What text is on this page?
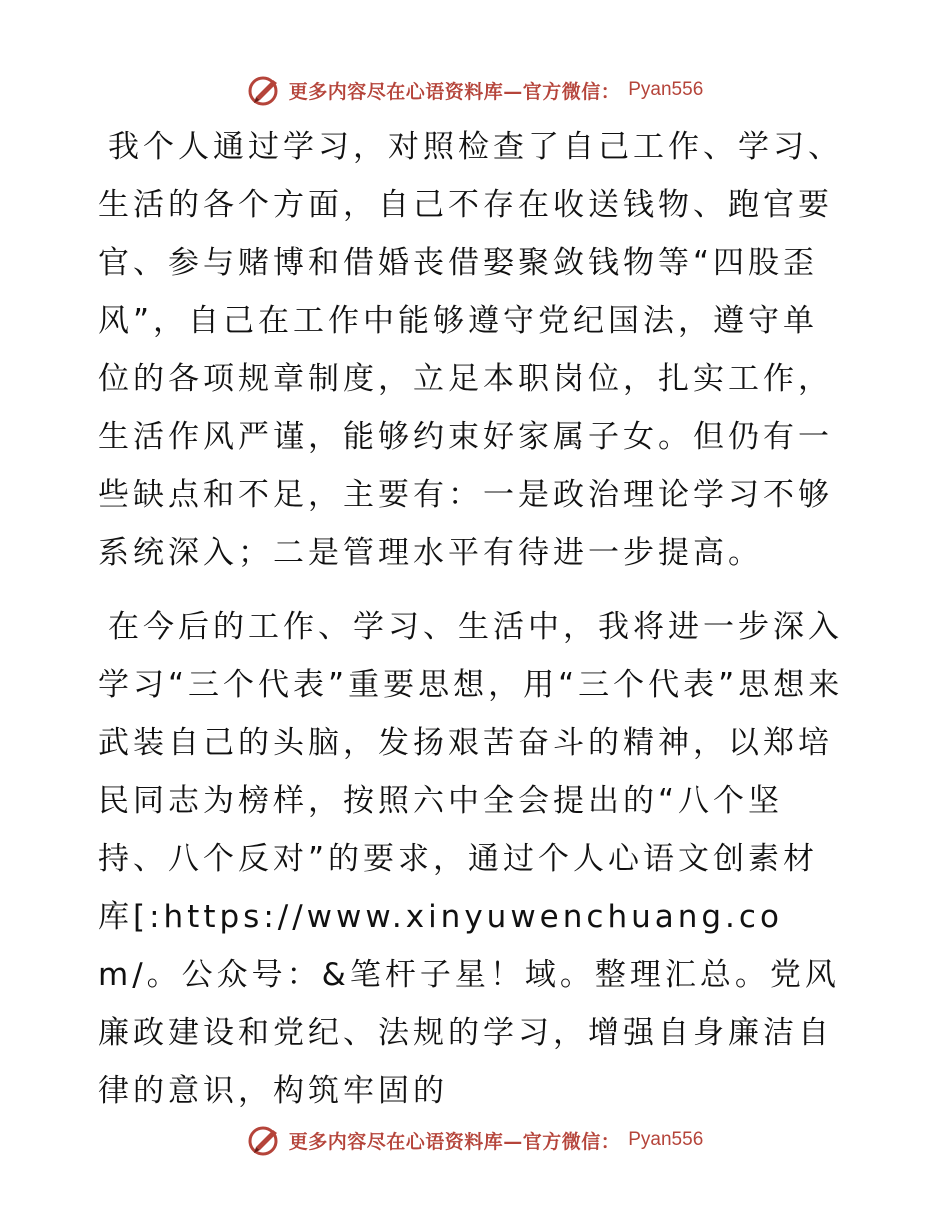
更多内容尽在心语资料库—官方微信： Pyan556

我个人通过学习，对照检查了自己工作、学习、生活的各个方面，自己不存在收送钱物、跑官要官、参与赌博和借婚丧借娶聚敛钱物等“四股歪风”，自己在工作中能够遵守党纪国法，遵守单位的各项规章制度，立足本职岗位，扎实工作，生活作风严谨，能够约束好家属子女。但仍有一些缺点和不足，主要有：一是政治理论学习不够系统深入；二是管理水平有待进一步提高。

在今后的工作、学习、生活中，我将进一步深入学习“三个代表”重要思想，用“三个代表”思想来武装自己的头脑，发扬艰苦奋斗的精神，以郑培民同志为榜样，按照六中全会提出的“八个坚持、八个反对”的要求，通过个人心语文创素材库[:https://www.xinyuwenchuang.com/。公众号：&笔杆子星！域。整理汇总。党风廉政建设和党纪、法规的学习，增强自身廉洁自律的意识，构筑牢固的

更多内容尽在心语资料库—官方微信： Pyan556
